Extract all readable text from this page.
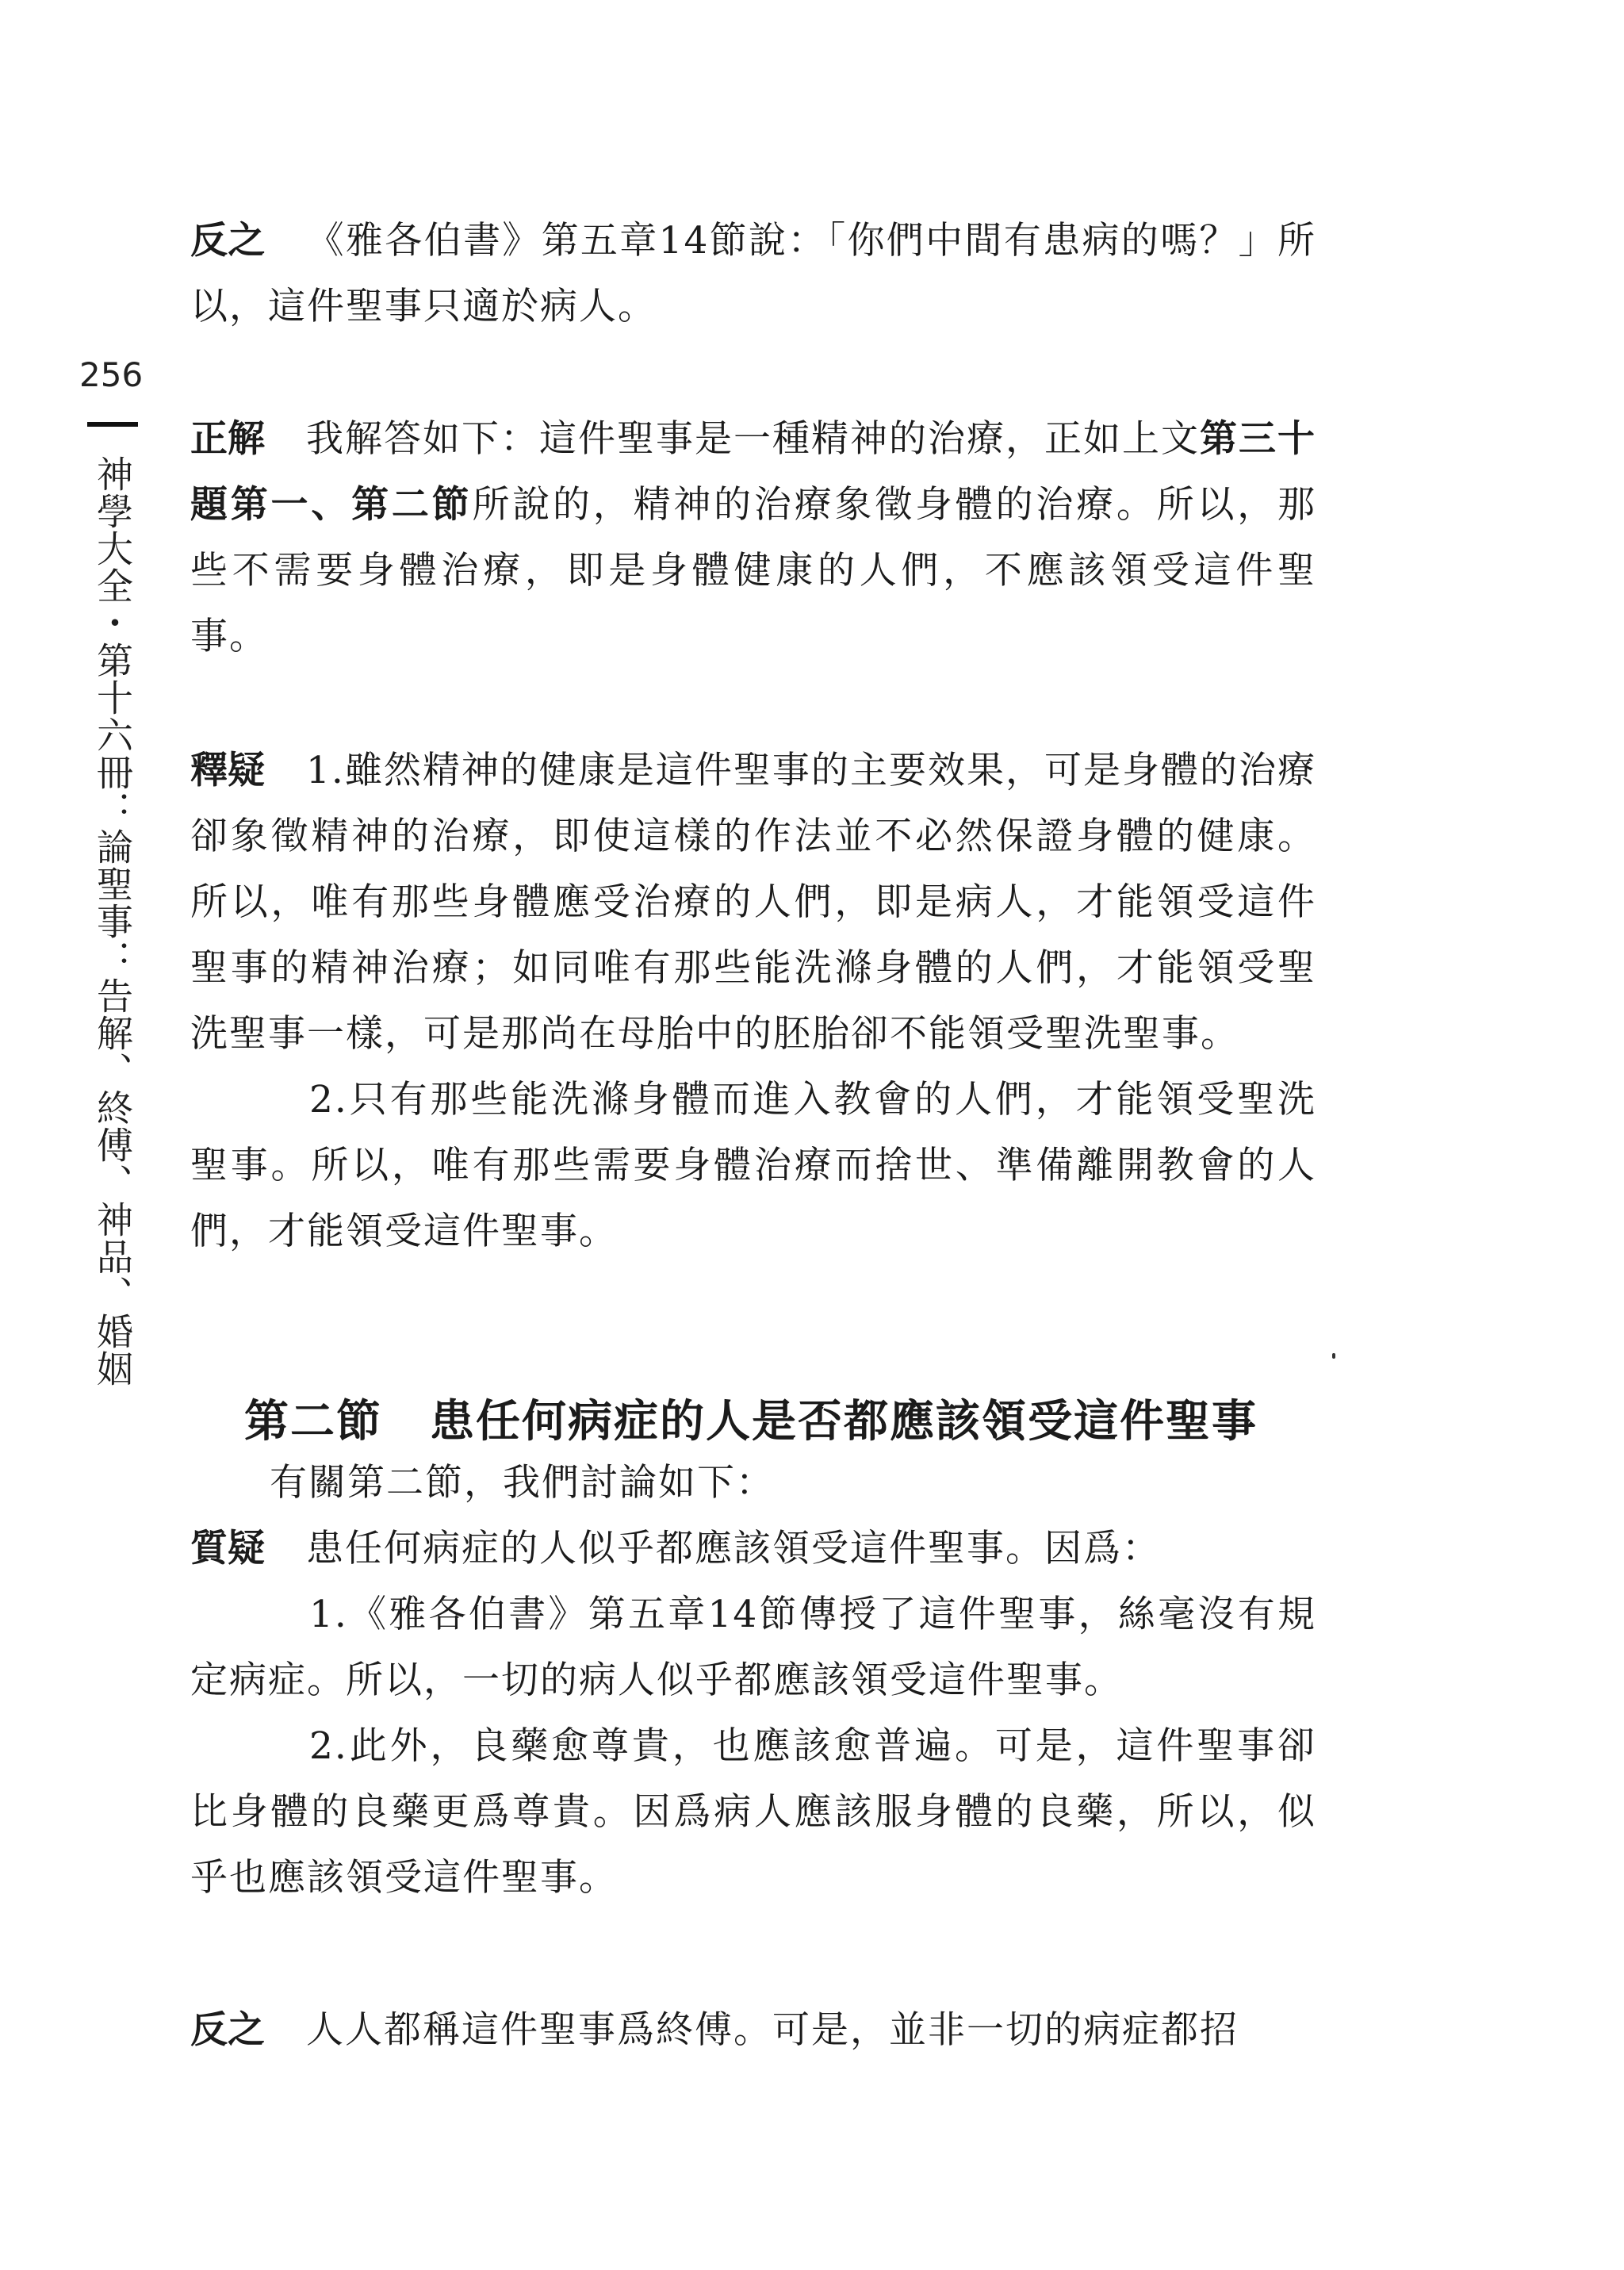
256
神學大全・第十六冊：論聖事：告解、終傅、神品、婚姻

反之 《雅各伯書》第五章14節說：「你們中間有患病的嗎？」所以，這件聖事只適於病人。

正解 我解答如下：這件聖事是一種精神的治療，正如上文第三十題第一、第二節所說的，精神的治療象徵身體的治療。所以，那些不需要身體治療，即是身體健康的人們，不應該領受這件聖事。

釋疑 1.雖然精神的健康是這件聖事的主要效果，可是身體的治療卻象徵精神的治療，即使這樣的作法並不必然保證身體的健康。所以，唯有那些身體應受治療的人們，即是病人，才能領受這件聖事的精神治療；如同唯有那些能洗滌身體的人們，才能領受聖洗聖事一樣，可是那尚在母胎中的胚胎卻不能領受聖洗聖事。

2.只有那些能洗滌身體而進入教會的人們，才能領受聖洗聖事。所以，唯有那些需要身體治療而捨世、準備離開教會的人們，才能領受這件聖事。

第二節 患任何病症的人是否都應該領受這件聖事

有關第二節，我們討論如下：

質疑 患任何病症的人似乎都應該領受這件聖事。因爲：

1.《雅各伯書》第五章14節傳授了這件聖事，絲毫沒有規定病症。所以，一切的病人似乎都應該領受這件聖事。

2.此外，良藥愈尊貴，也應該愈普遍。可是，這件聖事卻比身體的良藥更爲尊貴。因爲病人應該服身體的良藥，所以，似乎也應該領受這件聖事。

反之 人人都稱這件聖事爲終傅。可是，並非一切的病症都招
